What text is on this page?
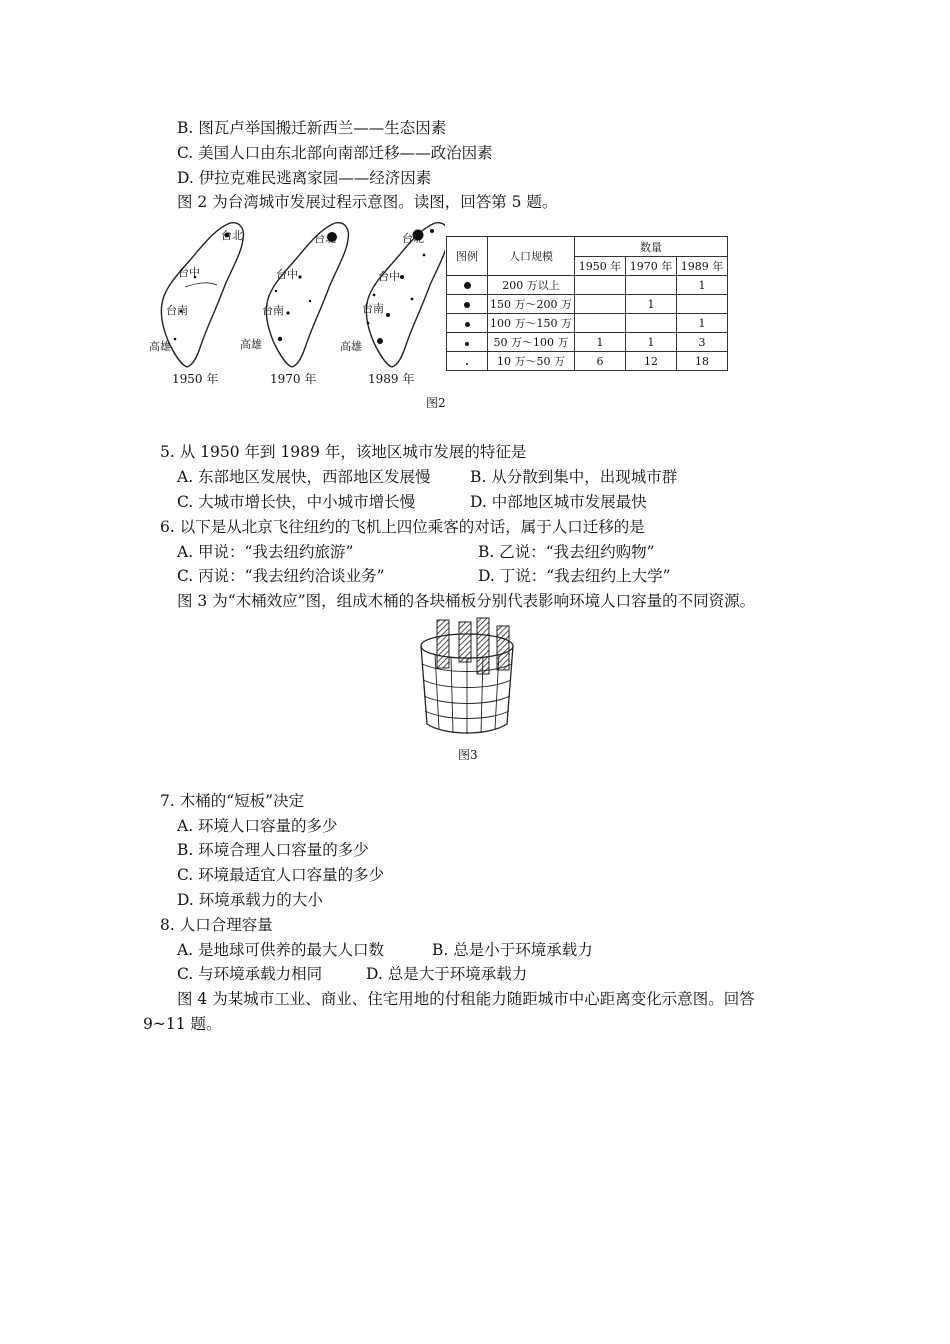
B. 图瓦卢举国搬迁新西兰——生态因素
C. 美国人口由东北部向南部迁移——政治因素
D. 伊拉克难民逃离家园——经济因素
图 2 为台湾城市发展过程示意图。读图，回答第 5 题。
台北
台中
台南
高雄
1950 年
台北
台中
台南
高雄
1970 年
台北
台中
台南
高雄
1989 年
图例	人口规模	数量		
		1950 年	1970 年	1989 年
	200 万以上			1
	150 万～200 万		1	
	100 万～150 万			1
	50 万～100 万	1	1	3
	10 万～50 万	6	12	18
图2
5. 从 1950 年到 1989 年，该地区城市发展的特征是
A. 东部地区发展快，西部地区发展慢	B. 从分散到集中，出现城市群
C. 大城市增长快，中小城市增长慢	D. 中部地区城市发展最快
6. 以下是从北京飞往纽约的飞机上四位乘客的对话，属于人口迁移的是
A. 甲说：“我去纽约旅游”	B. 乙说：“我去纽约购物”
C. 丙说：“我去纽约洽谈业务”	D. 丁说：“我去纽约上大学”
图 3 为“木桶效应”图，组成木桶的各块桶板分别代表影响环境人口容量的不同资源。
图3
7. 木桶的“短板”决定
A. 环境人口容量的多少
B. 环境合理人口容量的多少
C. 环境最适宜人口容量的多少
D. 环境承载力的大小
8. 人口合理容量
A. 是地球可供养的最大人口数	B. 总是小于环境承载力
C. 与环境承载力相同	D. 总是大于环境承载力
图 4 为某城市工业、商业、住宅用地的付租能力随距城市中心距离变化示意图。回答
9~11 题。
